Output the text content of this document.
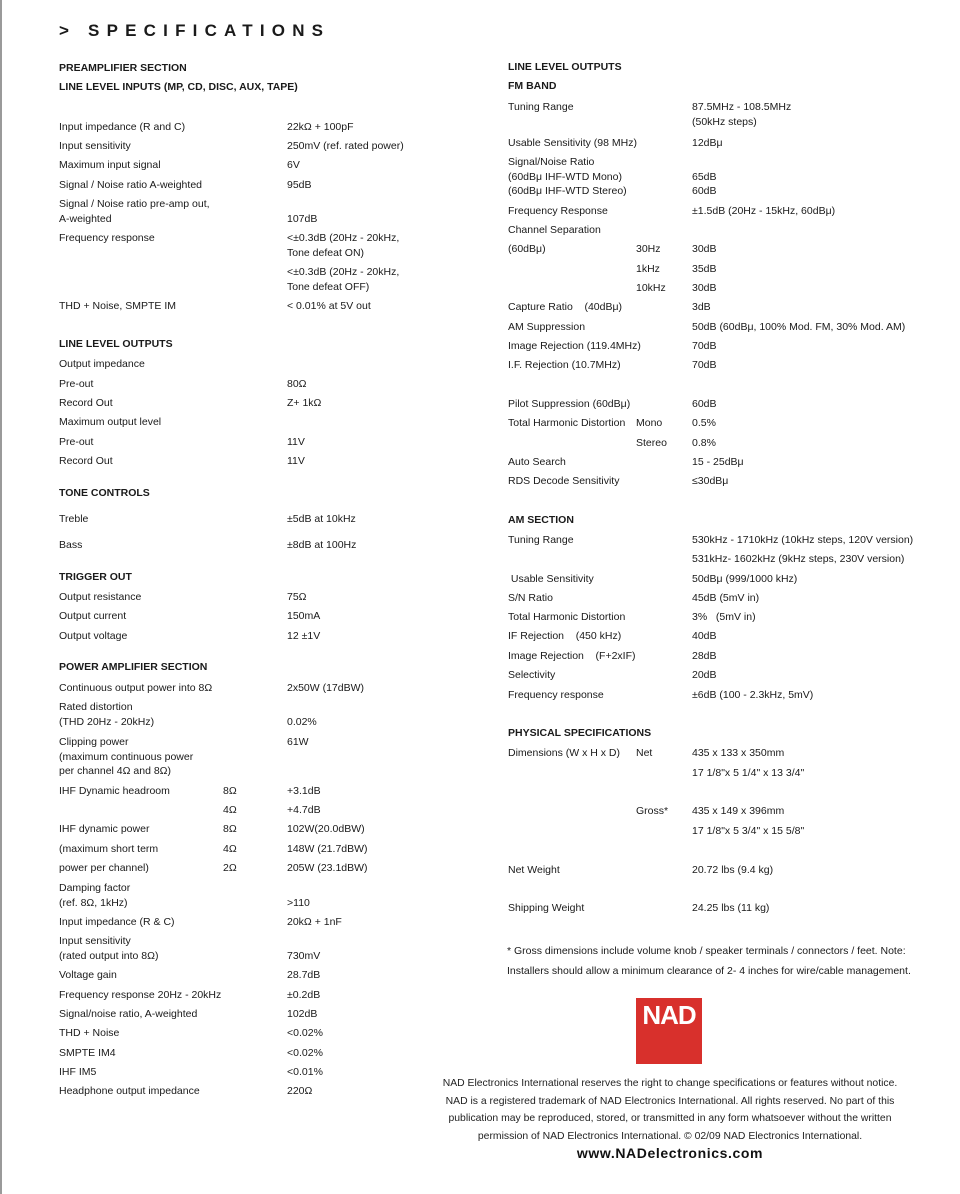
> SPECIFICATIONS
PREAMPLIFIER SECTION
LINE LEVEL INPUTS (MP, CD, DISC, AUX, TAPE)
Input impedance (R and C)	22kΩ + 100pF
Input sensitivity	250mV (ref. rated power)
Maximum input signal	6V
Signal / Noise ratio A-weighted	95dB
Signal / Noise ratio pre-amp out,
A-weighted	107dB
Frequency response	<±0.3dB (20Hz - 20kHz,
Tone defeat ON)
<±0.3dB (20Hz - 20kHz,
Tone defeat OFF)
THD + Noise, SMPTE IM	< 0.01% at 5V out
LINE LEVEL OUTPUTS
Output impedance
Pre-out	80Ω
Record Out	Z+ 1kΩ
Maximum output level
Pre-out	11V
Record Out	11V
TONE CONTROLS
Treble	±5dB at 10kHz
Bass	±8dB at 100Hz
TRIGGER OUT
Output resistance	75Ω
Output current	150mA
Output voltage	12 ±1V
POWER AMPLIFIER SECTION
Continuous output power into 8Ω	2x50W (17dBW)
Rated distortion
(THD 20Hz - 20kHz)	0.02%
Clipping power
(maximum continuous power
per channel 4Ω and 8Ω)
61W
IHF Dynamic headroom	8Ω	+3.1dB
4Ω	+4.7dB
IHF dynamic power	8Ω	102W(20.0dBW)
(maximum short term	4Ω	148W (21.7dBW)
power per channel)	2Ω	205W (23.1dBW)
Damping factor
(ref. 8Ω, 1kHz)	>110
Input impedance (R & C)	20kΩ + 1nF
Input sensitivity
(rated output into 8Ω)	730mV
Voltage gain	28.7dB
Frequency response 20Hz - 20kHz	±0.2dB
Signal/noise ratio, A-weighted	102dB
THD + Noise	<0.02%
SMPTE IM4	<0.02%
IHF IM5	<0.01%
Headphone output impedance	220Ω
LINE LEVEL OUTPUTS
FM BAND
Tuning Range	87.5MHz - 108.5MHz
(50kHz steps)
Usable Sensitivity (98 MHz)	12dBμ
Signal/Noise Ratio
(60dBμ IHF-WTD Mono)
(60dBμ IHF-WTD Stereo)
65dB
60dB
Frequency Response	±1.5dB (20Hz - 15kHz, 60dBμ)
Channel Separation
(60dBμ)	30Hz	30dB
1kHz	35dB
10kHz 30dB
Capture Ratio    (40dBμ)	3dB
AM Suppression	50dB (60dBμ, 100% Mod. FM, 30% Mod. AM)
Image Rejection (119.4MHz)	70dB
I.F. Rejection (10.7MHz)	70dB
Pilot Suppression (60dBμ)	60dB
Total Harmonic Distortion Mono	0.5%
Stereo 0.8%
Auto Search	15 - 25dBμ
RDS Decode Sensitivity	≤30dBμ
AM SECTION
Tuning Range	530kHz - 1710kHz (10kHz steps, 120V version)
531kHz- 1602kHz (9kHz steps, 230V version)
Usable Sensitivity	50dBμ (999/1000 kHz)
S/N Ratio	45dB (5mV in)
Total Harmonic Distortion	3%   (5mV in)
IF Rejection    (450 kHz)	40dB
Image Rejection    (F+2xIF)	28dB
Selectivity	20dB
Frequency response	±6dB (100 - 2.3kHz, 5mV)
PHYSICAL SPECIFICATIONS
Dimensions (W x H x D) Net	435 x 133 x 350mm
17 1/8"x 5 1/4" x 13 3/4"
Gross* 435 x 149 x 396mm
17 1/8"x 5 3/4" x 15 5/8"
Net Weight	20.72 lbs (9.4 kg)
Shipping Weight	24.25 lbs (11 kg)
* Gross dimensions include volume knob / speaker terminals / connectors / feet. Note: Installers should allow a minimum clearance of 2- 4 inches for wire/cable management.
NAD
NAD Electronics International reserves the right to change specifications or features without notice. NAD is a registered trademark of NAD Electronics International. All rights reserved. No part of this publication may be reproduced, stored, or transmitted in any form whatsoever without the written permission of NAD Electronics International. © 02/09 NAD Electronics International.
www.NADelectronics.com
